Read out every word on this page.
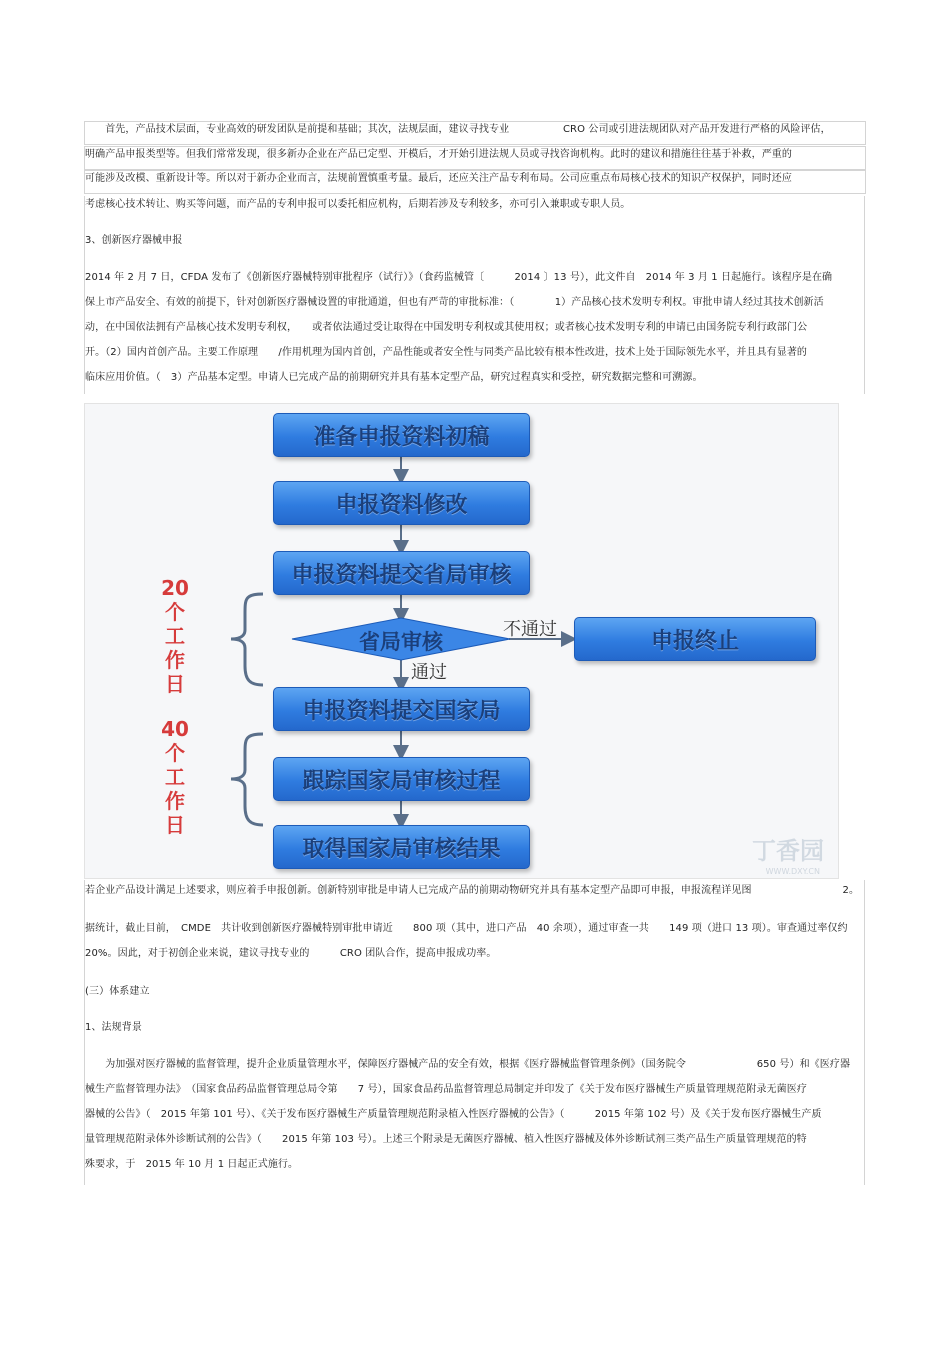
　　首先，产品技术层面，专业高效的研发团队是前提和基础；其次，法规层面，建议寻找专业 　　　　　CRO 公司或引进法规团队对产品开发进行严格的风险评估，
明确产品申报类型等。但我们常常发现，很多新办企业在产品已定型、开模后，才开始引进法规人员或寻找咨询机构。此时的建议和措施往往基于补救，严重的
可能涉及改模、重新设计等。所以对于新办企业而言，法规前置慎重考量。最后，还应关注产品专利布局。公司应重点布局核心技术的知识产权保护，同时还应
考虑核心技术转让、购买等问题，而产品的专利申报可以委托相应机构，后期若涉及专利较多，亦可引入兼职或专职人员。
3、创新医疗器械申报
2014 年 2 月 7 日，CFDA 发布了《创新医疗器械特别审批程序（试行）》（食药监械管〔　　　2014 〕13 号），此文件自　2014 年 3 月 1 日起施行。该程序是在确
保上市产品安全、有效的前提下，针对创新医疗器械设置的审批通道，但也有严苛的审批标准：（　　　　1）产品核心技术发明专利权。审批申请人经过其技术创新活
动，在中国依法拥有产品核心技术发明专利权，　　或者依法通过受让取得在中国发明专利权或其使用权；或者核心技术发明专利的申请已由国务院专利行政部门公
开。（2）国内首创产品。主要工作原理　　/作用机理为国内首创，产品性能或者安全性与同类产品比较有根本性改进，技术上处于国际领先水平，并且具有显著的
临床应用价值。（　3）产品基本定型。申请人已完成产品的前期研究并具有基本定型产品，研究过程真实和受控，研究数据完整和可溯源。
准备申报资料初稿
申报资料修改
申报资料提交省局审核
省局审核
不通过
通过
申报终止
申报资料提交国家局
跟踪国家局审核过程
取得国家局审核结果
20
个
工
作
日
40
个
工
作
日
丁香园
WWW.DXY.CN
若企业产品设计满足上述要求，则应着手申报创新。创新特别审批是申请人已完成产品的前期动物研究并具有基本定型产品即可申报，申报流程详见图　　　　　　　　　2。
据统计，截止目前，　CMDE　共计收到创新医疗器械特别审批申请近　　800 项（其中，进口产品　40 余项），通过审查一共　　149 项（进口 13 项）。审查通过率仅约
20%。因此，对于初创企业来说，建议寻找专业的　　　CRO 团队合作，提高申报成功率。
(三）体系建立
1、法规背景
　　为加强对医疗器械的监督管理，提升企业质量管理水平，保障医疗器械产品的安全有效，根据《医疗器械监督管理条例》（国务院令　　　　　　　650 号）和《医疗器
械生产监督管理办法》　（国家食品药品监督管理总局令第　　7 号），国家食品药品监督管理总局制定并印发了《关于发布医疗器械生产质量管理规范附录无菌医疗
器械的公告》（　2015 年第 101 号）、《关于发布医疗器械生产质量管理规范附录植入性医疗器械的公告》（　　　2015 年第 102 号）及《关于发布医疗器械生产质
量管理规范附录体外诊断试剂的公告》（　　2015 年第 103 号）。上述三个附录是无菌医疗器械、植入性医疗器械及体外诊断试剂三类产品生产质量管理规范的特
殊要求，于　2015 年 10 月 1 日起正式施行。
